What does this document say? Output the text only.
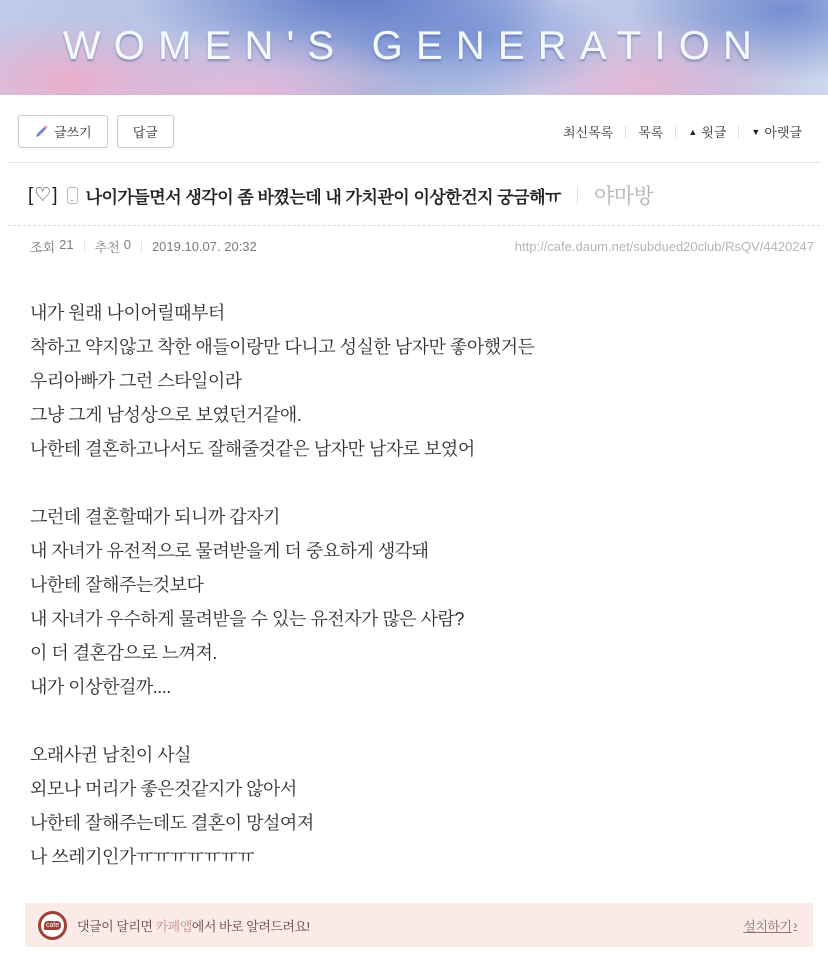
WOMEN'S GENERATION
글쓰기	답글	최신목록 목록	▲ 윗글	▼ 아랫글
[♡] 나이가들면서 생각이 좀 바꼈는데 내 가치관이 이상한건지 궁금해ㅠ 야마방
조회 21 추천 0 2019.10.07. 20:32	http://cafe.daum.net/subdued20club/RsQV/4420247
내가 원래 나이어릴때부터
착하고 약지않고 착한 애들이랑만 다니고 성실한 남자만 좋아했거든
우리아빠가 그런 스타일이라
그냥 그게 남성상으로 보였던거같애.
나한테 결혼하고나서도 잘해줄것같은 남자만 남자로 보였어
그런데 결혼할때가 되니까 갑자기
내 자녀가 유전적으로 물려받을게 더 중요하게 생각돼
나한테 잘해주는것보다
내 자녀가 우수하게 물려받을 수 있는 유전자가 많은 사람?
이 더 결혼감으로 느껴져.
내가 이상한걸까....
오래사귄 남친이 사실
외모나 머리가 좋은것같지가 않아서
나한테 잘해주는데도 결혼이 망설여져
나 쓰레기인가ㅠㅠㅠㅠㅠㅠㅠ
cafe 댓글이 달리면 카페앱에서 바로 알려드려요!	설치하기 ›
